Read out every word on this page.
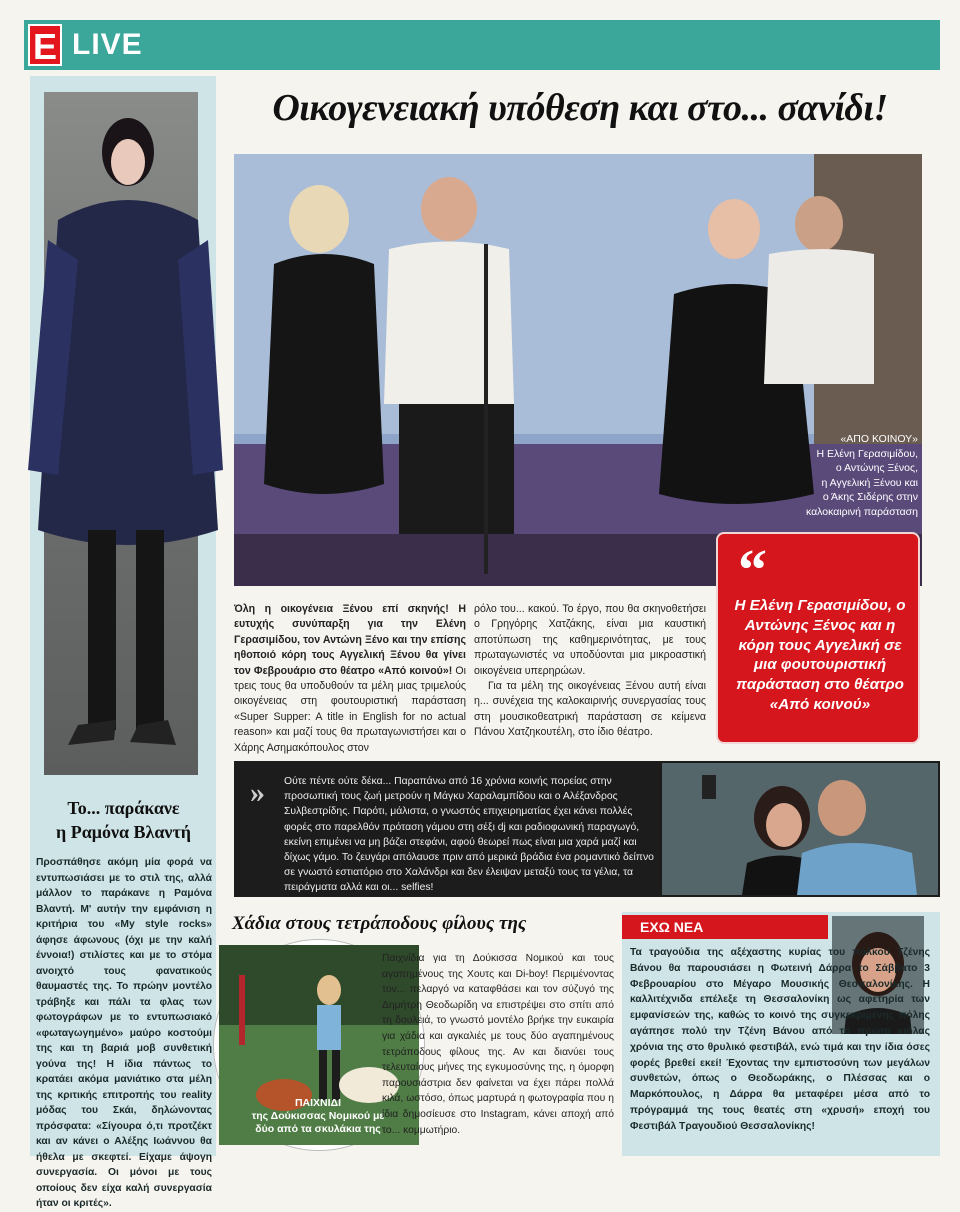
E LIVE
Το... παράκανε
η Ραμόνα Βλαντή
Προσπάθησε ακόμη μία φορά να εντυπωσιάσει με το στιλ της, αλλά μάλλον το παράκανε η Ραμόνα Βλαντή. Μ' αυτήν την εμφάνιση η κριτήρια του «My style rocks» άφησε άφωνους (όχι με την καλή έννοια!) στιλίστες και με το στόμα ανοιχτό τους φανατικούς θαυμαστές της. Το πρώην μοντέλο τράβηξε και πάλι τα φλας των φωτογράφων με το εντυπωσιακό «φωταγωγημένο» μαύρο κοστούμι της και τη βαριά μοβ συνθετική γούνα της! Η ίδια πάντως το κρατάει ακόμα μανιάτικο στα μέλη της κριτικής επιτροπής του reality μόδας του Σκάι, δηλώνοντας πρόσφατα: «Σίγουρα ό,τι προτζέκτ και αν κάνει ο Αλέξης Ιωάννου θα ήθελα με σκεφτεί. Είχαμε άψογη συνεργασία. Οι μόνοι με τους οποίους δεν είχα καλή συνεργασία ήταν οι κριτές».
Οικογενειακή υπόθεση και στο... σανίδι!
«ΑΠΟ ΚΟΙΝΟΥ»
Η Ελένη Γερασιμίδου,
ο Αντώνης Ξένος,
η Αγγελική Ξένου και
ο Άκης Σιδέρης στην
καλοκαιρινή παράσταση
Όλη η οικογένεια Ξένου επί σκηνής! Η ευτυχής συνύπαρξη για την Ελένη Γερασιμίδου, τον Αντώνη Ξένο και την επίσης ηθοποιό κόρη τους Αγγελική Ξένου θα γίνει τον Φεβρουάριο στο θέατρο «Από κοινού»! Οι τρεις τους θα υποδυθούν τα μέλη μιας τριμελούς οικογένειας στη φουτουριστική παράσταση «Super Supper: A title in English for no actual reason» και μαζί τους θα πρωταγωνιστήσει και ο Χάρης Ασημακόπουλος στον

ρόλο του... κακού. Το έργο, που θα σκηνοθετήσει ο Γρηγόρης Χατζάκης, είναι μια καυστική αποτύπωση της καθημερινότητας, με τους πρωταγωνιστές να υποδύονται μια μικροαστική οικογένεια υπερηρώων.

Για τα μέλη της οικογένειας Ξένου αυτή είναι η... συνέχεια της καλοκαιρινής συνεργασίας τους στη μουσικοθεατρική παράσταση σε κείμενα Πάνου Χατζηκουτέλη, στο ίδιο θέατρο.

“
Η Ελένη Γερασιμίδου, ο Αντώνης Ξένος και η κόρη τους Αγγελική σε μια φουτουριστική παράσταση στο θέατρο «Από κοινού»
» Ούτε πέντε ούτε δέκα... Παραπάνω από 16 χρόνια κοινής πορείας στην προσωπική τους ζωή μετρούν η Μάγκυ Χαραλαμπίδου και ο Αλέξανδρος Συλβεστρίδης. Παρότι, μάλιστα, ο γνωστός επιχειρηματίας έχει κάνει πολλές φορές στο παρελθόν πρόταση γάμου στη σέξι dj και ραδιοφωνική παραγωγό, εκείνη επιμένει να μη βάζει στεφάνι, αφού θεωρεί πως είναι μια χαρά μαζί και δίχως γάμο. Το ζευγάρι απόλαυσε πριν από μερικά βράδια ένα ρομαντικό δείπνο σε γνωστό εστιατόριο στο Χαλάνδρι και δεν έλειψαν μεταξύ τους τα γέλια, τα πειράγματα αλλά και οι... selfies!
Χάδια στους τετράποδους φίλους της
ΠΑΙΧΝΙΔΙ
της Δούκισσας Νομικού με
δύο από τα σκυλάκια της
Παιχνίδια για τη Δούκισσα Νομικού και τους αγαπημένους της Χουτς και Di-boy! Περιμένοντας τον... πελαργό να καταφθάσει και τον σύζυγό της Δημήτρη Θεοδωρίδη να επιστρέψει στο σπίτι από τη δουλειά, το γνωστό μοντέλο βρήκε την ευκαιρία για χάδια και αγκαλιές με τους δύο αγαπημένους τετράποδους φίλους της. Αν και διανύει τους τελευταίους μήνες της εγκυμοσύνης της, η όμορφη παρουσιάστρια δεν φαίνεται να έχει πάρει πολλά κιλά, ωστόσο, όπως μαρτυρά η φωτογραφία που η ίδια δημοσίευσε στο Instagram, κάνει αποχή από το... κομμωτήριο.
ΕΧΩ ΝΕΑ
Τα τραγούδια της αξέχαστης κυρίας του πάλκου Τζένης Βάνου θα παρουσιάσει η Φωτεινή Δάρρα το Σάββατο 3 Φεβρουαρίου στο Μέγαρο Μουσικής Θεσσαλονίκης. Η καλλιτέχνιδα επέλεξε τη Θεσσαλονίκη ως αφετηρία των εμφανίσεών της, καθώς το κοινό της συγκεκριμένης πόλης αγάπησε πολύ την Τζένη Βάνου από τα πρώτα κιόλας χρόνια της στο θρυλικό φεστιβάλ, ενώ τιμά και την ίδια όσες φορές βρεθεί εκεί! Έχοντας την εμπιστοσύνη των μεγάλων συνθετών, όπως ο Θεοδωράκης, ο Πλέσσας και ο Μαρκόπουλος, η Δάρρα θα μεταφέρει μέσα από το πρόγραμμά της τους θεατές στη «χρυσή» εποχή του Φεστιβάλ Τραγουδιού Θεσσαλονίκης!
